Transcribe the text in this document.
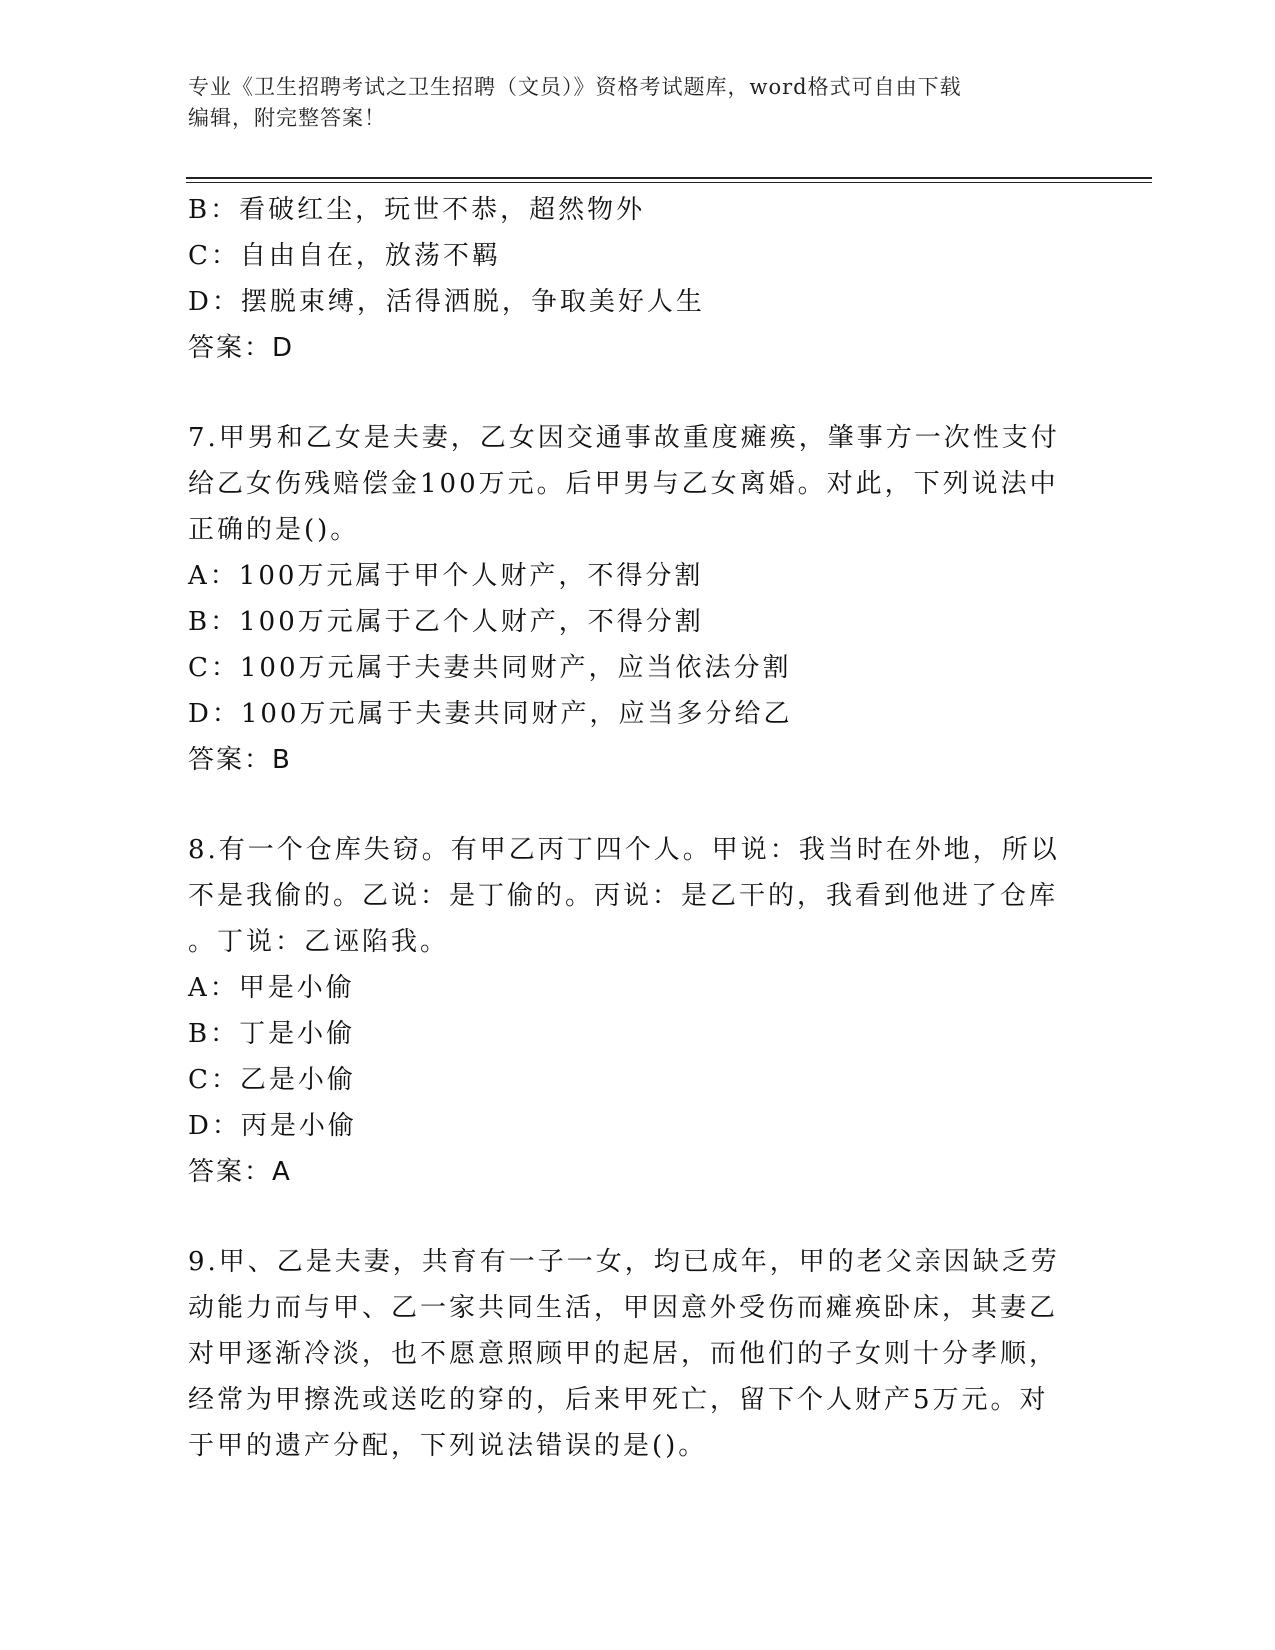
专业《卫生招聘考试之卫生招聘（文员）》资格考试题库，word格式可自由下载
编辑，附完整答案！
B：看破红尘，玩世不恭，超然物外
C：自由自在，放荡不羁
D：摆脱束缚，活得洒脱，争取美好人生
答案：D
7.甲男和乙女是夫妻，乙女因交通事故重度瘫痪，肇事方一次性支付
给乙女伤残赔偿金100万元。后甲男与乙女离婚。对此，下列说法中
正确的是()。
A：100万元属于甲个人财产，不得分割
B：100万元属于乙个人财产，不得分割
C：100万元属于夫妻共同财产，应当依法分割
D：100万元属于夫妻共同财产，应当多分给乙
答案：B
8.有一个仓库失窃。有甲乙丙丁四个人。甲说：我当时在外地，所以
不是我偷的。乙说：是丁偷的。丙说：是乙干的，我看到他进了仓库
。丁说：乙诬陷我。
A：甲是小偷
B：丁是小偷
C：乙是小偷
D：丙是小偷
答案：A
9.甲、乙是夫妻，共育有一子一女，均已成年，甲的老父亲因缺乏劳
动能力而与甲、乙一家共同生活，甲因意外受伤而瘫痪卧床，其妻乙
对甲逐渐冷淡，也不愿意照顾甲的起居，而他们的子女则十分孝顺，
经常为甲擦洗或送吃的穿的，后来甲死亡，留下个人财产5万元。对
于甲的遗产分配，下列说法错误的是()。
